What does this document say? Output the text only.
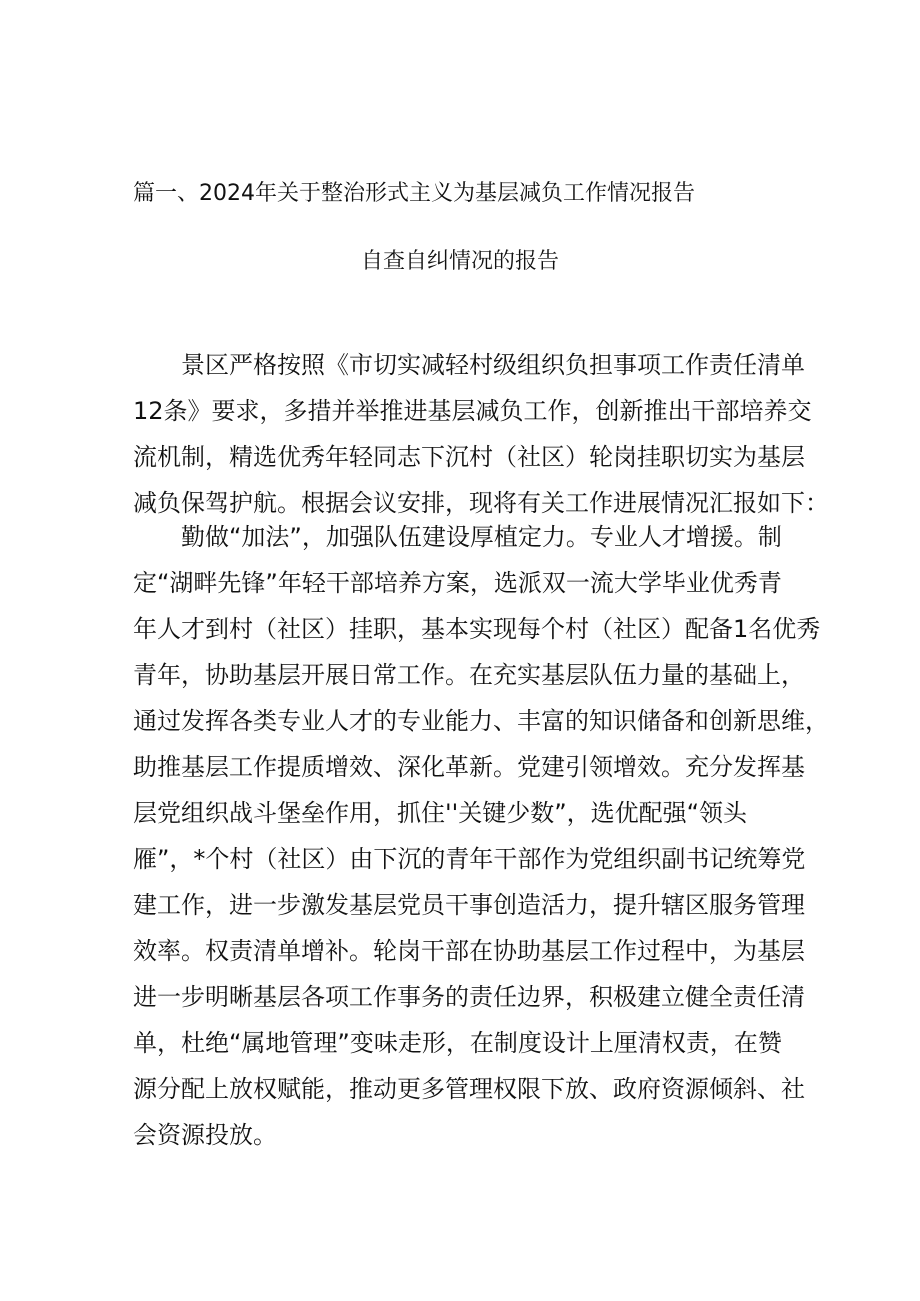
篇一、2024年关于整治形式主义为基层减负工作情况报告
自查自纠情况的报告
景区严格按照《市切实减轻村级组织负担事项工作责任清单
12条》要求，多措并举推进基层减负工作，创新推出干部培养交
流机制，精选优秀年轻同志下沉村（社区）轮岗挂职切实为基层
减负保驾护航。根据会议安排，现将有关工作进展情况汇报如下：
勤做“加法”，加强队伍建设厚植定力。专业人才增援。制
定“湖畔先锋”年轻干部培养方案，选派双一流大学毕业优秀青
年人才到村（社区）挂职，基本实现每个村（社区）配备1名优秀
青年，协助基层开展日常工作。在充实基层队伍力量的基础上，
通过发挥各类专业人才的专业能力、丰富的知识储备和创新思维，
助推基层工作提质增效、深化革新。党建引领增效。充分发挥基
层党组织战斗堡垒作用，抓住''关键少数”，选优配强“领头
雁”，*个村（社区）由下沉的青年干部作为党组织副书记统筹党
建工作，进一步激发基层党员干事创造活力，提升辖区服务管理
效率。权责清单增补。轮岗干部在协助基层工作过程中，为基层
进一步明晰基层各项工作事务的责任边界，积极建立健全责任清
单，杜绝“属地管理”变味走形，在制度设计上厘清权责，在赞
源分配上放权赋能，推动更多管理权限下放、政府资源倾斜、社
会资源投放。
